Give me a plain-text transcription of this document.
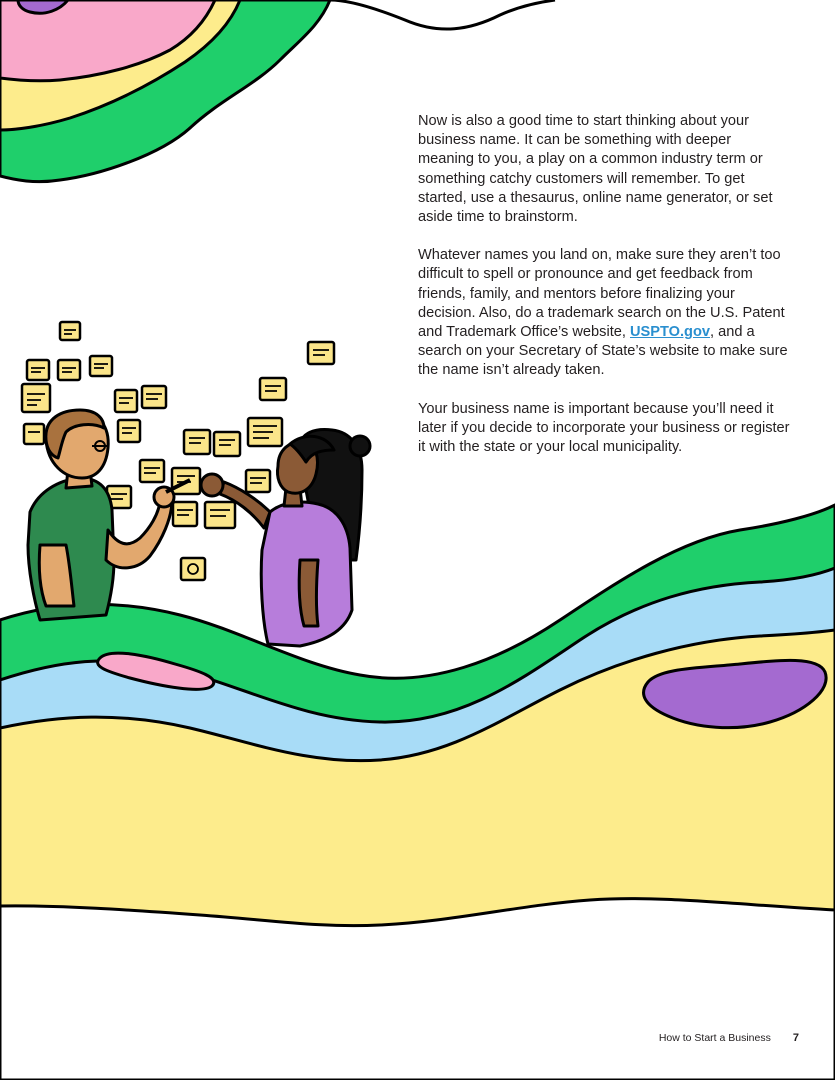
Now is also a good time to start thinking about your business name. It can be something with deeper meaning to you, a play on a common industry term or something catchy customers will remember. To get started, use a thesaurus, online name generator, or set aside time to brainstorm.

Whatever names you land on, make sure they aren’t too difficult to spell or pronounce and get feedback from friends, family, and mentors before finalizing your decision. Also, do a trademark search on the U.S. Patent and Trademark Office’s website, USPTO.gov, and a search on your Secretary of State’s website to make sure the name isn’t already taken.

Your business name is important because you’ll need it later if you decide to incorporate your business or register it with the state or your local municipality.

How to Start a Business 7
